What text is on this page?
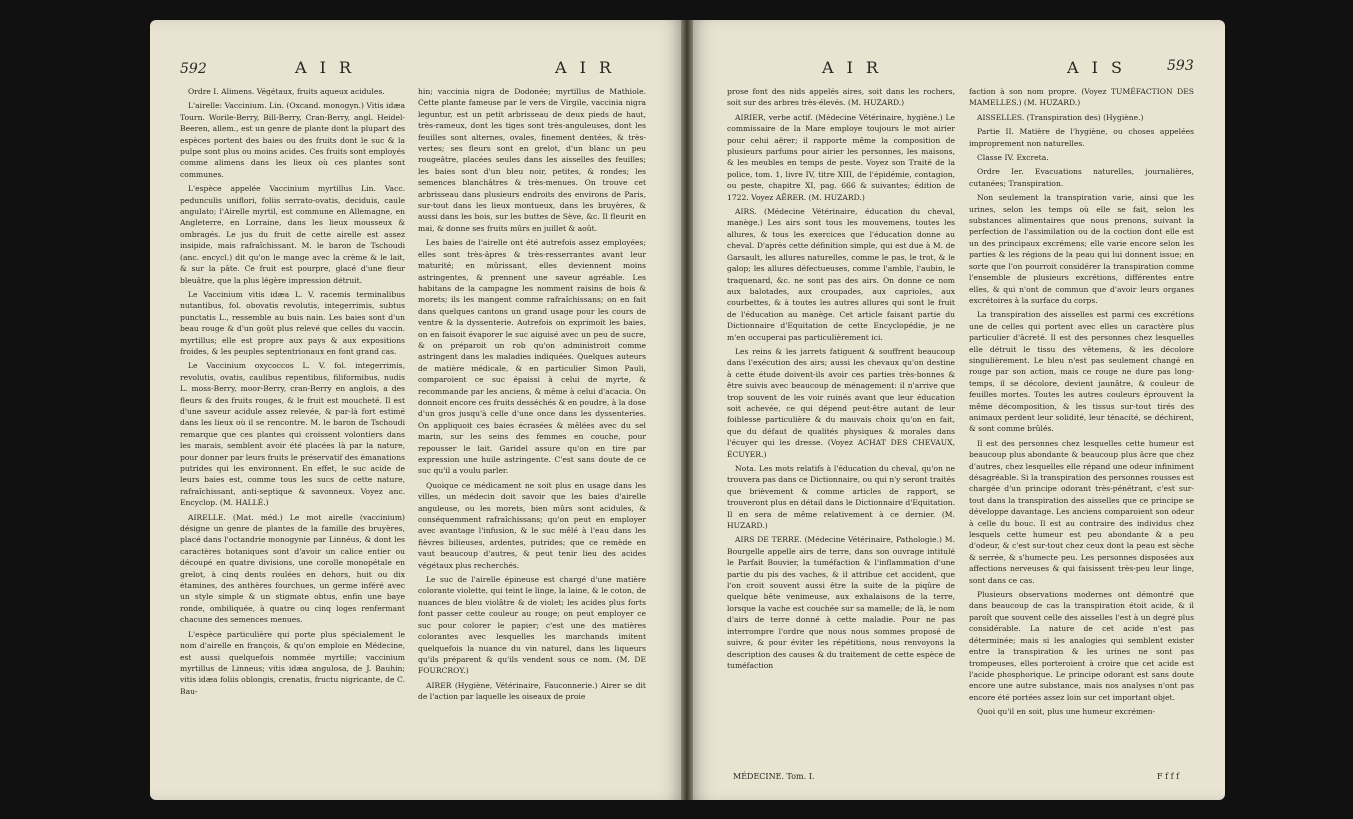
592	A I R	A I R

Ordre I. Alimens. Végétaux, fruits aqueux acidules.

L'airelle: Vaccinium. Lin. (Oxcand. monogyn.) Vitis idæa Tourn. Worile-Berry, Bill-Berry, Cran-Berry, angl. Heidel-Beeren, allem., est un genre de plante dont la plupart des espèces portent des baies ou des fruits dont le suc & la pulpe sont plus ou moins acides. Ces fruits sont employés comme alimens dans les lieux où ces plantes sont communes.

L'espèce appelée Vaccinium myrtillus Lin. Vacc. pedunculis uniflori, foliis serrato-ovatis, deciduis, caule angulato; l'Airelle myrtil, est commune en Allemagne, en Angleterre, en Lorraine, dans les lieux mousseux & ombragés. Le jus du fruit de cette airelle est assez insipide, mais rafraîchissant. M. le baron de Tschoudi (anc. encycl.) dit qu'on le mange avec la crème & le lait, & sur la pâte. Ce fruit est pourpre, glacé d'une fleur bleuâtre, que la plus légère impression détruit.

Le Vaccinium vitis idæa L. V. racemis terminalibus nutantibus, fol. obovatis revolutis, integerrimis, subtus punctatis L., ressemble au buis nain. Les baies sont d'un beau rouge & d'un goût plus relevé que celles du vaccin. myrtillus; elle est propre aux pays & aux expositions froides, & les peuples septentrionaux en font grand cas.

Le Vaccinium oxycoccos L. V. fol. integerrimis, revolutis, ovatis, caulibus repentibus, filiformibus, nudis L. moss-Berry, moor-Berry, cran-Berry en anglois, a des fleurs & des fruits rouges, & le fruit est moucheté. Il est d'une saveur acidule assez relevée, & par-là fort estimé dans les lieux où il se rencontre. M. le baron de Tschoudi remarque que ces plantes qui croissent volontiers dans les marais, semblent avoir été placées là par la nature, pour donner par leurs fruits le préservatif des émanations putrides qui les environnent. En effet, le suc acide de leurs baies est, comme tous les sucs de cette nature, rafraîchissant, anti-septique & savonneux. Voyez anc. Encyclop. (M. HALLÉ.)

AIRELLE. (Mat. méd.) Le mot airelle (vaccinium) désigne un genre de plantes de la famille des bruyères, placé dans l'octandrie monogynie par Linnéus, & dont les caractères botaniques sont d'avoir un calice entier ou découpé en quatre divisions, une corolle monopétale en grelot, à cinq dents roulées en dehors, huit ou dix étamines, des anthères fourchues, un germe inféré avec un style simple & un stigmate obtus, enfin une baye ronde, ombiliquée, à quatre ou cinq loges renfermant chacune des semences menues.

L'espèce particulière qui porte plus spécialement le nom d'airelle en françois, & qu'on emploie en Médecine, est aussi quelquefois nommée myrtille; vaccinium myrtillus de Linneus; vitis idæa angulosa, de J. Bauhin; vitis idæa foliis oblongis, crenatis, fructu nigricante, de C. Bau-

hin; vaccinia nigra de Dodonée; myrtillus de Mathiole. Cette plante fameuse par le vers de Virgile, vaccinia nigra leguntur, est un petit arbrisseau de deux pieds de haut, très-rameux, dont les tiges sont très-anguleuses, dont les feuilles sont alternes, ovales, finement dentées, & très-vertes; ses fleurs sont en grelot, d'un blanc un peu rougeâtre, placées seules dans les aisselles des feuilles; les baies sont d'un bleu noir, petites, & rondes; les semences blanchâtres & très-menues. On trouve cet arbrisseau dans plusieurs endroits des environs de Paris, sur-tout dans les lieux montueux, dans les bruyères, & aussi dans les bois, sur les buttes de Sève, &c. Il fleurit en mai, & donne ses fruits mûrs en juillet & août.

Les baies de l'airelle ont été autrefois assez employées; elles sont très-âpres & très-resserrantes avant leur maturité; en mûrissant, elles deviennent moins astringentes, & prennent une saveur agréable. Les habitans de la campagne les nomment raisins de bois & morets; ils les mangent comme rafraîchissans; on en fait dans quelques cantons un grand usage pour les cours de ventre & la dyssenterie. Autrefois on exprimoit les baies, on en faisoit évaporer le suc aiguisé avec un peu de sucre, & on préparoit un rob qu'on administroit comme astringent dans les maladies indiquées. Quelques auteurs de matière médicale, & en particulier Simon Pauli, comparoient ce suc épaissi à celui de myrte, & recommande par les anciens, & même à celui d'acacia. On donnoit encore ces fruits desséchés & en poudre, à la dose d'un gros jusqu'à celle d'une once dans les dyssenteries. On appliquoit ces baies écrasées & mêlées avec du sel marin, sur les seins des femmes en couche, pour repousser le lait. Garidel assure qu'on en tire par expression une huile astringente. C'est sans doute de ce suc qu'il a voulu parler.

Quoique ce médicament ne soit plus en usage dans les villes, un médecin doit savoir que les baies d'airelle anguleuse, ou les morets, bien mûrs sont acidules, & conséquemment rafraîchissans; qu'on peut en employer avec avantage l'infusion, & le suc mêlé à l'eau dans les fièvres bilieuses, ardentes, putrides; que ce remède en vaut beaucoup d'autres, & peut tenir lieu des acides végétaux plus recherchés.

Le suc de l'airelle épineuse est chargé d'une matière colorante violette, qui teint le linge, la laine, & le coton, de nuances de bleu violâtre & de violet; les acides plus forts font passer cette couleur au rouge; on peut employer ce suc pour colorer le papier; c'est une des matières colorantes avec lesquelles les marchands imitent quelquefois la nuance du vin naturel, dans les liqueurs qu'ils préparent & qu'ils vendent sous ce nom. (M. DE FOURCROY.)

AIRER (Hygiène, Vétérinaire, Fauconnerie.) Airer se dit de l'action par laquelle les oiseaux de proie

A I R	A I S	593

prose font des nids appelés aires, soit dans les rochers, soit sur des arbres très-élevés. (M. HUZARD.)

AIRIER, verbe actif. (Médecine Vétérinaire, hygiène.) Le commissaire de la Mare employe toujours le mot airier pour celui aërer; il rapporte même la composition de plusieurs parfums pour airier les personnes, les maisons, & les meubles en temps de peste. Voyez son Traité de la police, tom. 1, livre IV, titre XIII, de l'épidémie, contagion, ou peste, chapitre XI, pag. 666 & suivantes; édition de 1722. Voyez AËRER. (M. HUZARD.)

AIRS. (Médecine Vétérinaire, éducation du cheval, manège.) Les airs sont tous les mouvemens, toutes les allures, & tous les exercices que l'éducation donne au cheval. D'après cette définition simple, qui est due à M. de Garsault, les allures naturelles, comme le pas, le trot, & le galop; les allures défectueuses, comme l'amble, l'aubin, le traquenard, &c. ne sont pas des airs. On donne ce nom aux balotades, aux croupades, aux caprioles, aux courbettes, & à toutes les autres allures qui sont le fruit de l'éducation au manège. Cet article faisant partie du Dictionnaire d'Equitation de cette Encyclopédie, je ne m'en occuperai pas particulièrement ici.

Les reins & les jarrets fatiguent & souffrent beaucoup dans l'exécution des airs; aussi les chevaux qu'on destine à cette étude doivent-ils avoir ces parties très-bonnes & être suivis avec beaucoup de ménagement: il n'arrive que trop souvent de les voir ruinés avant que leur éducation soit achevée, ce qui dépend peut-être autant de leur foiblesse particulière & du mauvais choix qu'on en fait, que du défaut de qualités physiques & morales dans l'écuyer qui les dresse. (Voyez ACHAT DES CHEVAUX, ÉCUYER.)

Nota. Les mots relatifs à l'éducation du cheval, qu'on ne trouvera pas dans ce Dictionnaire, ou qui n'y seront traités que brièvement & comme articles de rapport, se trouveront plus en détail dans le Dictionnaire d'Equitation. Il en sera de même relativement à ce dernier. (M. HUZARD.)

AIRS DE TERRE. (Médecine Vétérinaire, Pathologie.) M. Bourgelle appelle airs de terre, dans son ouvrage intitulé le Parfait Bouvier, la tuméfaction & l'inflammation d'une partie du pis des vaches, & il attribue cet accident, que l'on croit souvent aussi être la suite de la piqûre de quelque bête venimeuse, aux exhalaisons de la terre, lorsque la vache est couchée sur sa mamelle; de là, le nom d'airs de terre donné à cette maladie. Pour ne pas interrompre l'ordre que nous nous sommes proposé de suivre, & pour éviter les répétitions, nous renvoyons la description des causes & du traitement de cette espèce de tuméfaction

faction à son nom propre. (Voyez TUMÉFACTION DES MAMELLES.) (M. HUZARD.)

AISSELLES. (Transpiration des) (Hygiène.)

Partie II. Matière de l'hygiène, ou choses appelées improprement non naturelles.

Classe IV. Excreta.

Ordre Ier. Evacuations naturelles, journalières, cutanées; Transpiration.

Non seulement la transpiration varie, ainsi que les urines, selon les temps où elle se fait, selon les substances alimentaires que nous prenons, suivant la perfection de l'assimilation ou de la coction dont elle est un des principaux excrémens; elle varie encore selon les parties & les régions de la peau qui lui donnent issue; en sorte que l'on pourroit considérer la transpiration comme l'ensemble de plusieurs excrétions, différentes entre elles, & qui n'ont de commun que d'avoir leurs organes excrétoires à la surface du corps.

La transpiration des aisselles est parmi ces excrétions une de celles qui portent avec elles un caractère plus particulier d'âcreté. Il est des personnes chez lesquelles elle détruit le tissu des vêtemens, & les décolore singulièrement. Le bleu n'est pas seulement changé en rouge par son action, mais ce rouge ne dure pas long-temps, il se décolore, devient jaunâtre, & couleur de feuilles mortes. Toutes les autres couleurs éprouvent la même décomposition, & les tissus sur-tout tirés des animaux perdent leur solidité, leur ténacité, se déchirent, & sont comme brûlés.

Il est des personnes chez lesquelles cette humeur est beaucoup plus abondante & beaucoup plus âcre que chez d'autres, chez lesquelles elle répand une odeur infiniment désagréable. Si la transpiration des personnes rousses est chargée d'un principe odorant très-pénétrant, c'est sur-tout dans la transpiration des aisselles que ce principe se développe davantage. Les anciens comparoient son odeur à celle du bouc. Il est au contraire des individus chez lesquels cette humeur est peu abondante & a peu d'odeur, & c'est sur-tout chez ceux dont la peau est sèche & serrée, & s'humecte peu. Les personnes disposées aux affections nerveuses & qui faisissent très-peu leur linge, sont dans ce cas.

Plusieurs observations modernes ont démontré que dans beaucoup de cas la transpiration étoit acide, & il paroît que souvent celle des aisselles l'est à un degré plus considérable. La nature de cet acide n'est pas déterminée; mais si les analogies qui semblent exister entre la transpiration & les urines ne sont pas trompeuses, elles porteroient à croire que cet acide est l'acide phosphorique. Le principe odorant est sans doute encore une autre substance, mais nos analyses n'ont pas encore été portées assez loin sur cet important objet.

Quoi qu'il en soit, plus une humeur excrémen-

MÉDECINE. Tom. I.	F f f f
